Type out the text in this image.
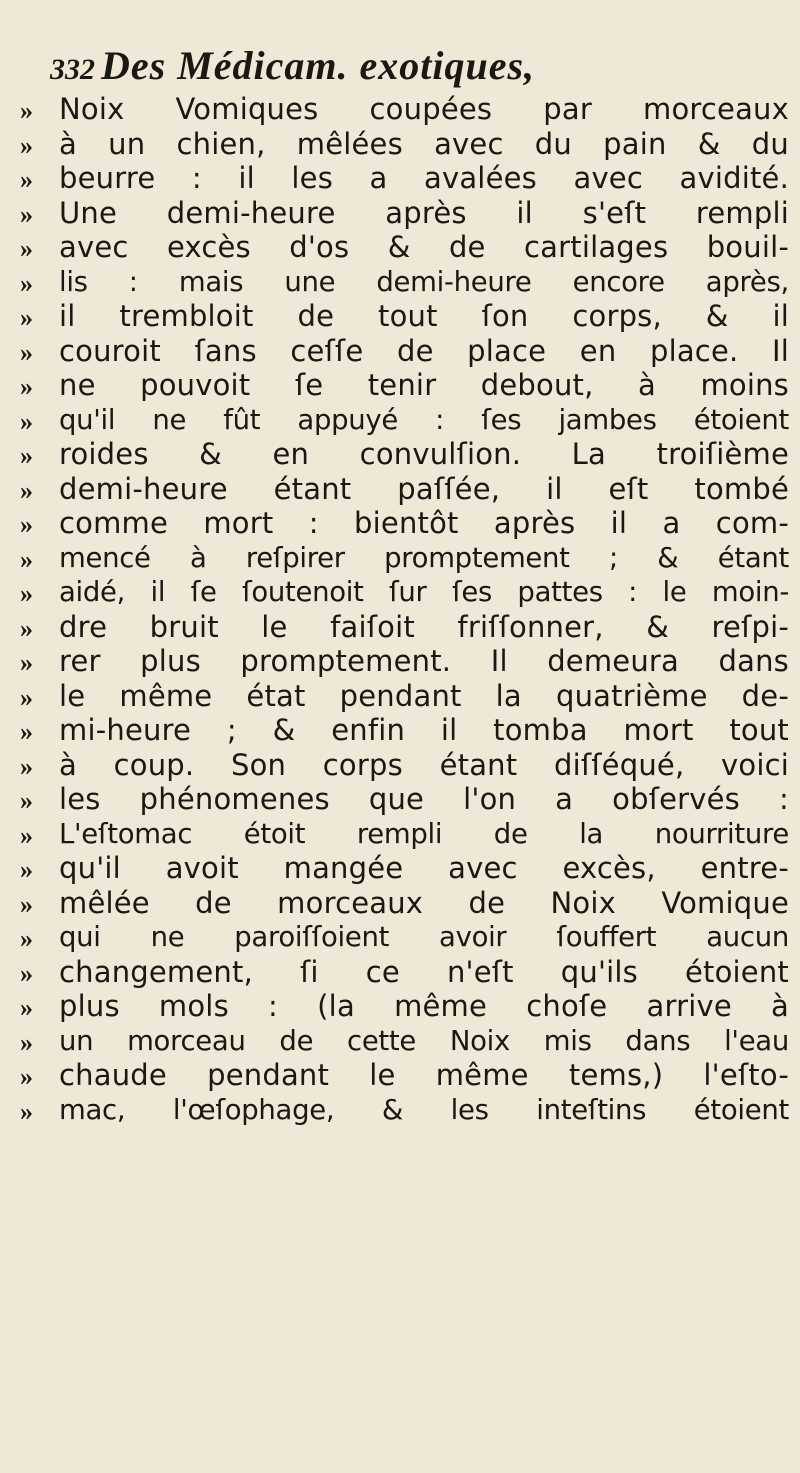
332 Des Médicam. exotiques,
» Noix Vomiques coupées par morceaux
» à un chien, mêlées avec du pain & du
» beurre : il les a avalées avec avidité.
» Une demi-heure après il s'eſt rempli
» avec excès d'os & de cartilages bouil-
» lis : mais une demi-heure encore après,
» il trembloit de tout ſon corps, & il
» couroit ſans ceſſe de place en place. Il
» ne pouvoit ſe tenir debout, à moins
» qu'il ne fût appuyé : ſes jambes étoient
» roides & en convulſion. La troiſième
» demi-heure étant paſſée, il eſt tombé
» comme mort : bientôt après il a com-
» mencé à reſpirer promptement ; & étant
» aidé, il ſe ſoutenoit ſur ſes pattes : le moin-
» dre bruit le faiſoit friſſonner, & reſpi-
» rer plus promptement. Il demeura dans
» le même état pendant la quatrième de-
» mi-heure ; & enfin il tomba mort tout
» à coup. Son corps étant diſſéqué, voici
» les phénomenes que l'on a obſervés :
» L'eſtomac étoit rempli de la nourriture
» qu'il avoit mangée avec excès, entre-
» mêlée de morceaux de Noix Vomique
» qui ne paroiſſoient avoir ſouffert aucun
» changement, ſi ce n'eſt qu'ils étoient
» plus mols : (la même choſe arrive à
» un morceau de cette Noix mis dans l'eau
» chaude pendant le même tems,) l'eſto-
» mac, l'œſophage, & les inteſtins étoient
